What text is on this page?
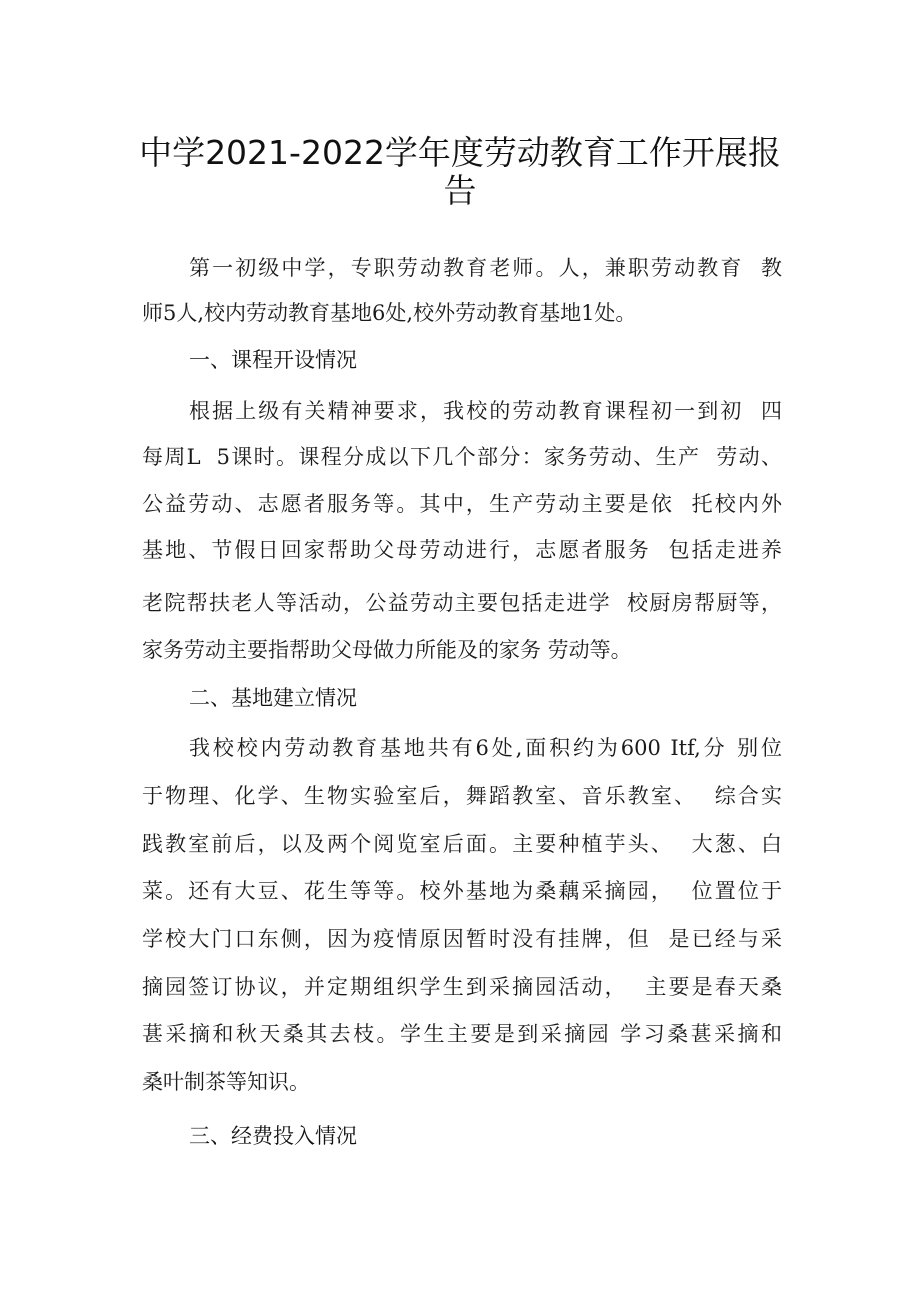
中学2021-2022学年度劳动教育工作开展报
告

第一初级中学，专职劳动教育老师。人，兼职劳动教育  教

师5人,校内劳动教育基地6处,校外劳动教育基地1处。

一、课程开设情况

根据上级有关精神要求，我校的劳动教育课程初一到初  四

每周L  5课时。课程分成以下几个部分：家务劳动、生产  劳动、

公益劳动、志愿者服务等。其中，生产劳动主要是依  托校内外

基地、节假日回家帮助父母劳动进行，志愿者服务  包括走进养

老院帮扶老人等活动，公益劳动主要包括走进学  校厨房帮厨等，

家务劳动主要指帮助父母做力所能及的家务 劳动等。

二、基地建立情况

我校校内劳动教育基地共有6处,面积约为600 Itf,分 别位

于物理、化学、生物实验室后，舞蹈教室、音乐教室、  综合实

践教室前后，以及两个阅览室后面。主要种植芋头、  大葱、白

菜。还有大豆、花生等等。校外基地为桑藕采摘园，  位置位于

学校大门口东侧，因为疫情原因暂时没有挂牌，但  是已经与采

摘园签订协议，并定期组织学生到采摘园活动，  主要是春天桑

葚采摘和秋天桑其去枝。学生主要是到采摘园 学习桑葚采摘和

桑叶制茶等知识。

三、经费投入情况
